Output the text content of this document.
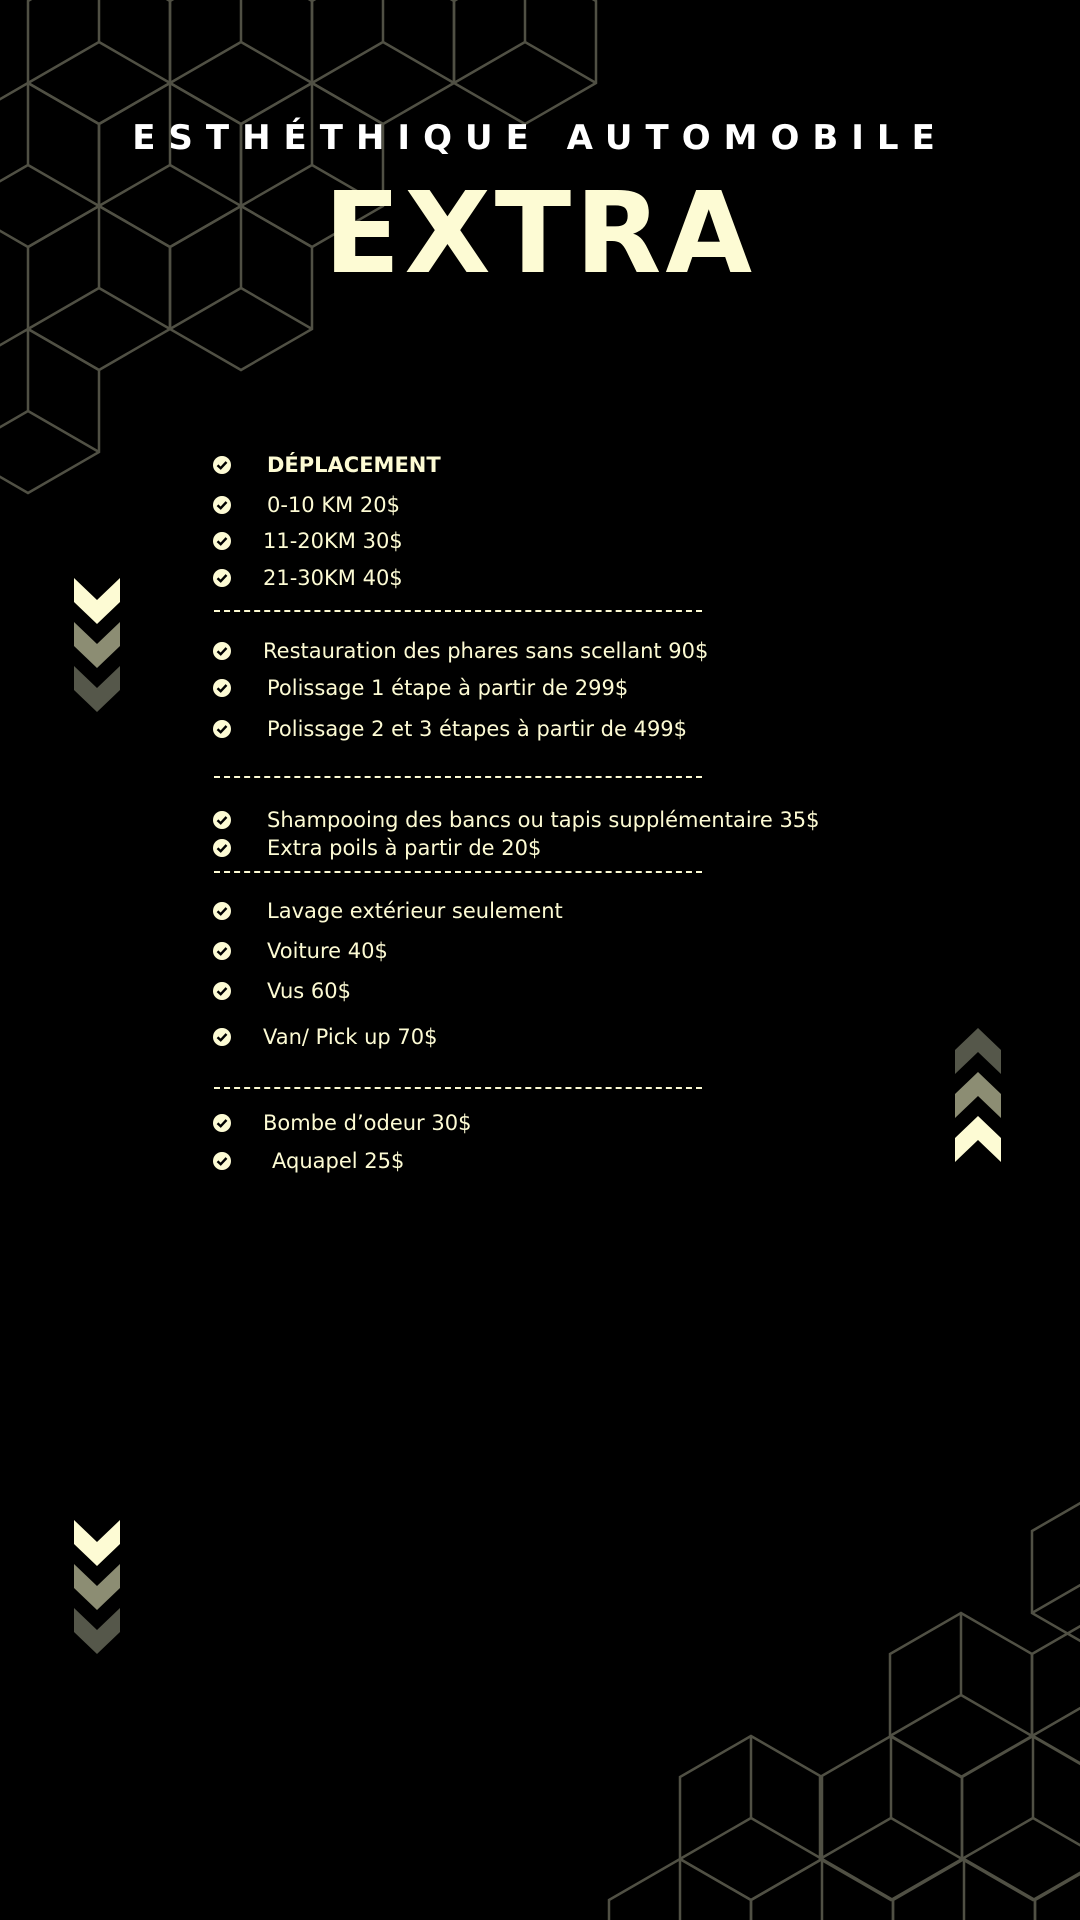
ESTHÉTHIQUE AUTOMOBILE
EXTRA
DÉPLACEMENT
0-10 KM 20$
11-20KM 30$
21-30KM 40$
Restauration des phares sans scellant 90$
Polissage 1 étape à partir de 299$
Polissage 2 et 3 étapes à partir de 499$
Shampooing des bancs ou tapis supplémentaire 35$
Extra poils à partir de 20$
Lavage extérieur seulement
Voiture 40$
Vus 60$
Van/ Pick up 70$
Bombe d’odeur 30$
Aquapel 25$
